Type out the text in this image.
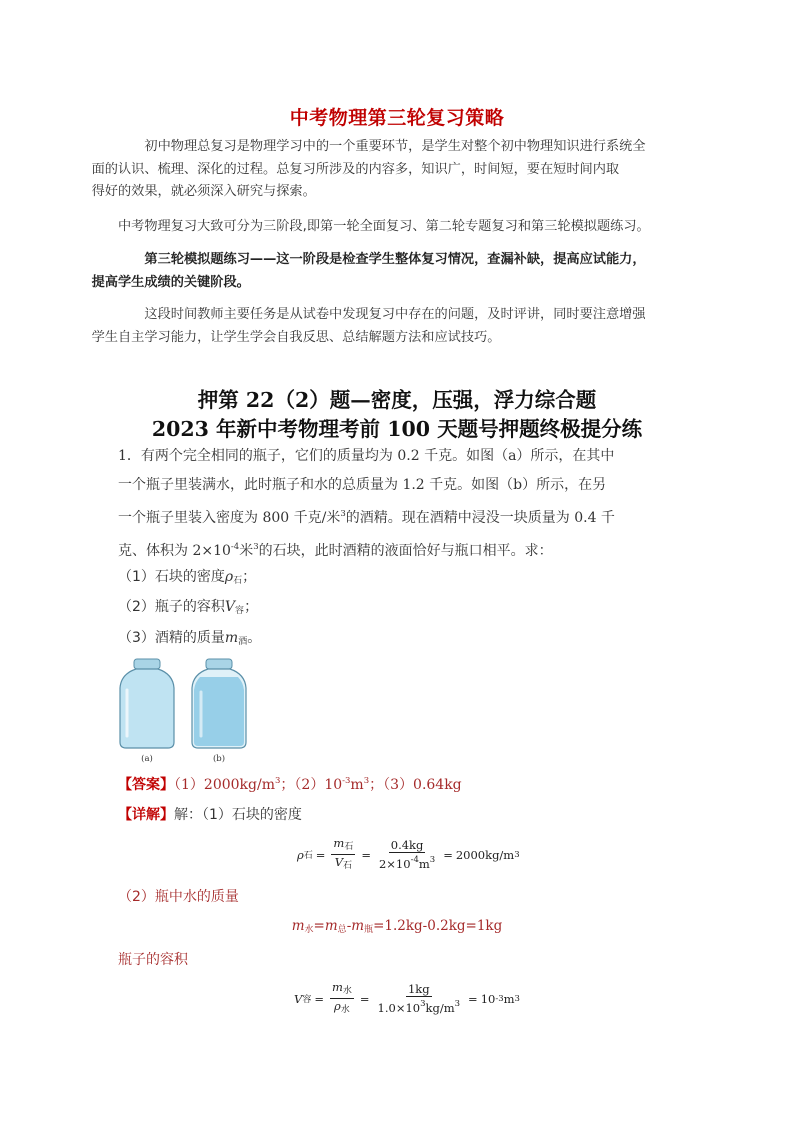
中考物理第三轮复习策略
初中物理总复习是物理学习中的一个重要环节，是学生对整个初中物理知识进行系统全
面的认识、梳理、深化的过程。总复习所涉及的内容多，知识广，时间短，要在短时间内取
得好的效果，就必须深入研究与探索。
中考物理复习大致可分为三阶段,即第一轮全面复习、第二轮专题复习和第三轮模拟题练习。
第三轮模拟题练习——这一阶段是检查学生整体复习情况，查漏补缺，提高应试能力，
提高学生成绩的关键阶段。
这段时间教师主要任务是从试卷中发现复习中存在的问题，及时评讲，同时要注意增强
学生自主学习能力，让学生学会自我反思、总结解题方法和应试技巧。
押第 22（2）题—密度，压强，浮力综合题
2023 年新中考物理考前 100 天题号押题终极提分练
1．有两个完全相同的瓶子，它们的质量均为 0.2 千克。如图（a）所示，在其中
一个瓶子里装满水，此时瓶子和水的总质量为 1.2 千克。如图（b）所示，在另
一个瓶子里装入密度为 800 千克/米$^3$的酒精。现在酒精中浸没一块质量为 0.4 千
克、体积为 $2\times 10^{-4}$米$^3$的石块，此时酒精的液面恰好与瓶口相平。求：
（1）石块的密度$\rho_石$；
（2）瓶子的容积$V_容$；
（3）酒精的质量$m_酒$。
(a)	(b)
【答案】$(1)2000kg/m^3$；$(2)10^{-3}m^3$；（3）0.64kg
【详解】解：（1）石块的密度
ρ 石 = $\frac{m_石}{V_石} = \frac{0.4kg}{2\times 10^{-4}m^3} = 2000kg/m$ 3
（2）瓶中水的质量
$m_水=m_总-m_瓶=1.2kg-0.2kg=1kg$
瓶子的容积
V 容 = $\frac{m_水}{\rho_水} = \frac{1kg}{1.0\times 10^3kg/m^3} = 10$ -3 m 3
